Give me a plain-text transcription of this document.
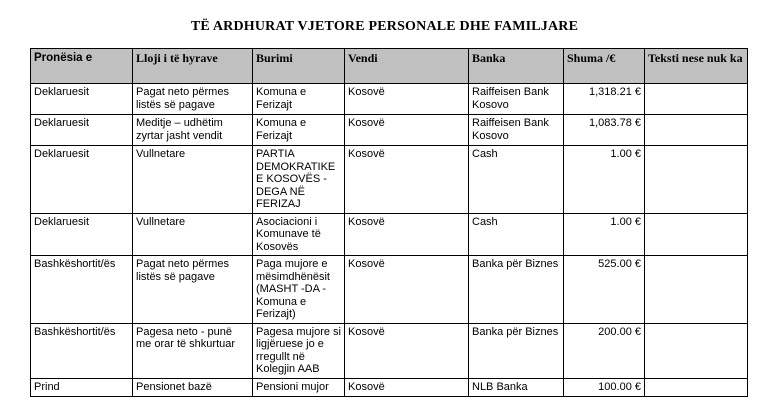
TË ARDHURAT VJETORE PERSONALE DHE FAMILJARE
Pronësia e	Lloji i të hyrave	Burimi	Vendi	Banka	Shuma /€	Teksti nese nuk ka
Deklaruesit	Pagat neto përmes listës së pagave	Komuna e Ferizajt	Kosovë	Raiffeisen Bank Kosovo	1,318.21 €	
Deklaruesit	Meditje – udhëtim zyrtar jasht vendit	Komuna e Ferizajt	Kosovë	Raiffeisen Bank Kosovo	1,083.78 €	
Deklaruesit	Vullnetare	PARTIA DEMOKRATIKE E KOSOVËS - DEGA NË FERIZAJ	Kosovë	Cash	1.00 €	
Deklaruesit	Vullnetare	Asociacioni i Komunave të Kosovës	Kosovë	Cash	1.00 €	
Bashkëshortit/ës	Pagat neto përmes listës së pagave	Paga mujore e mësimdhënësit (MASHT -DA - Komuna e Ferizajt)	Kosovë	Banka për Biznes	525.00 €	
Bashkëshortit/ës	Pagesa neto - punë me orar të shkurtuar	Pagesa mujore si ligjëruese jo e rregullt në Kolegjin AAB	Kosovë	Banka për Biznes	200.00 €	
Prind	Pensionet bazë	Pensioni mujor	Kosovë	NLB Banka	100.00 €	
